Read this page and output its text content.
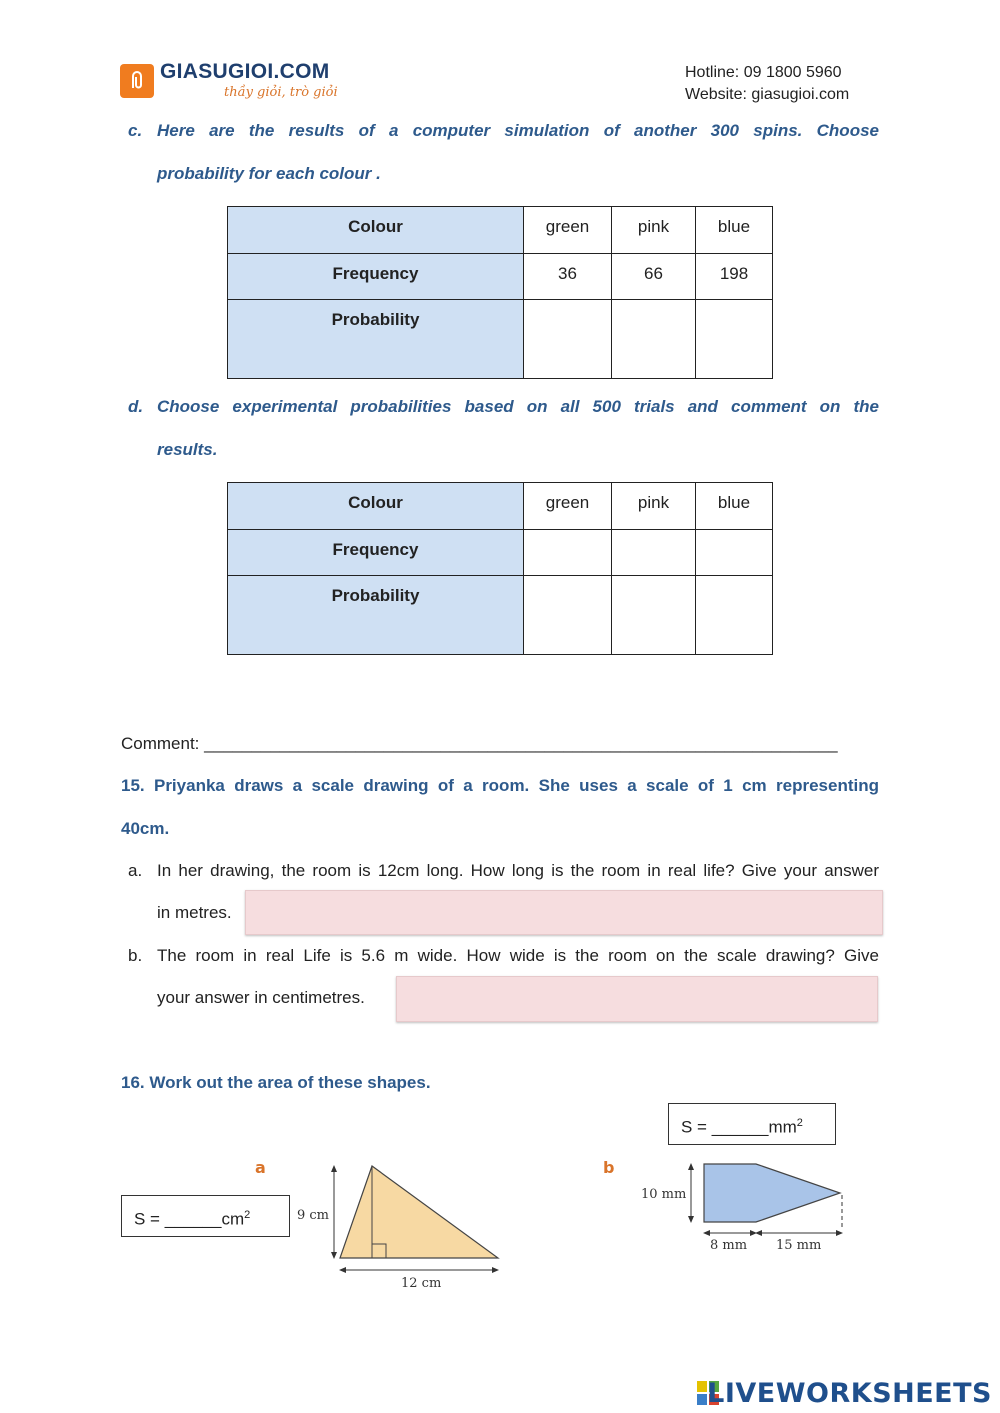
GIASUGIOI.COM
thầy giỏi, trò giỏi
Hotline: 09 1800 5960
Website: giasugioi.com
c. Here are the results of a computer simulation of another 300 spins. Choose
probability for each colour .
Colour	green	pink	blue
Frequency	36	66	198
Probability			
d. Choose experimental probabilities based on all 500 trials and comment on the
results.
Colour	green	pink	blue
Frequency			
Probability			
Comment: ___________________________________________________________________
15. Priyanka draws a scale drawing of a room. She uses a scale of 1 cm representing
40cm.
a. In her drawing, the room is 12cm long. How long is the room in real life? Give your answer
in metres.
b. The room in real Life is 5.6 m wide. How wide is the room on the scale drawing? Give
your answer in centimetres.
16. Work out the area of these shapes.
$S = \_\_\_\_\_\_mm^2$
$S = \_\_\_\_\_\_cm^2$
a
9 cm
12 cm
b
10 mm
8 mm 15 mm
LIVEWORKSHEETS
